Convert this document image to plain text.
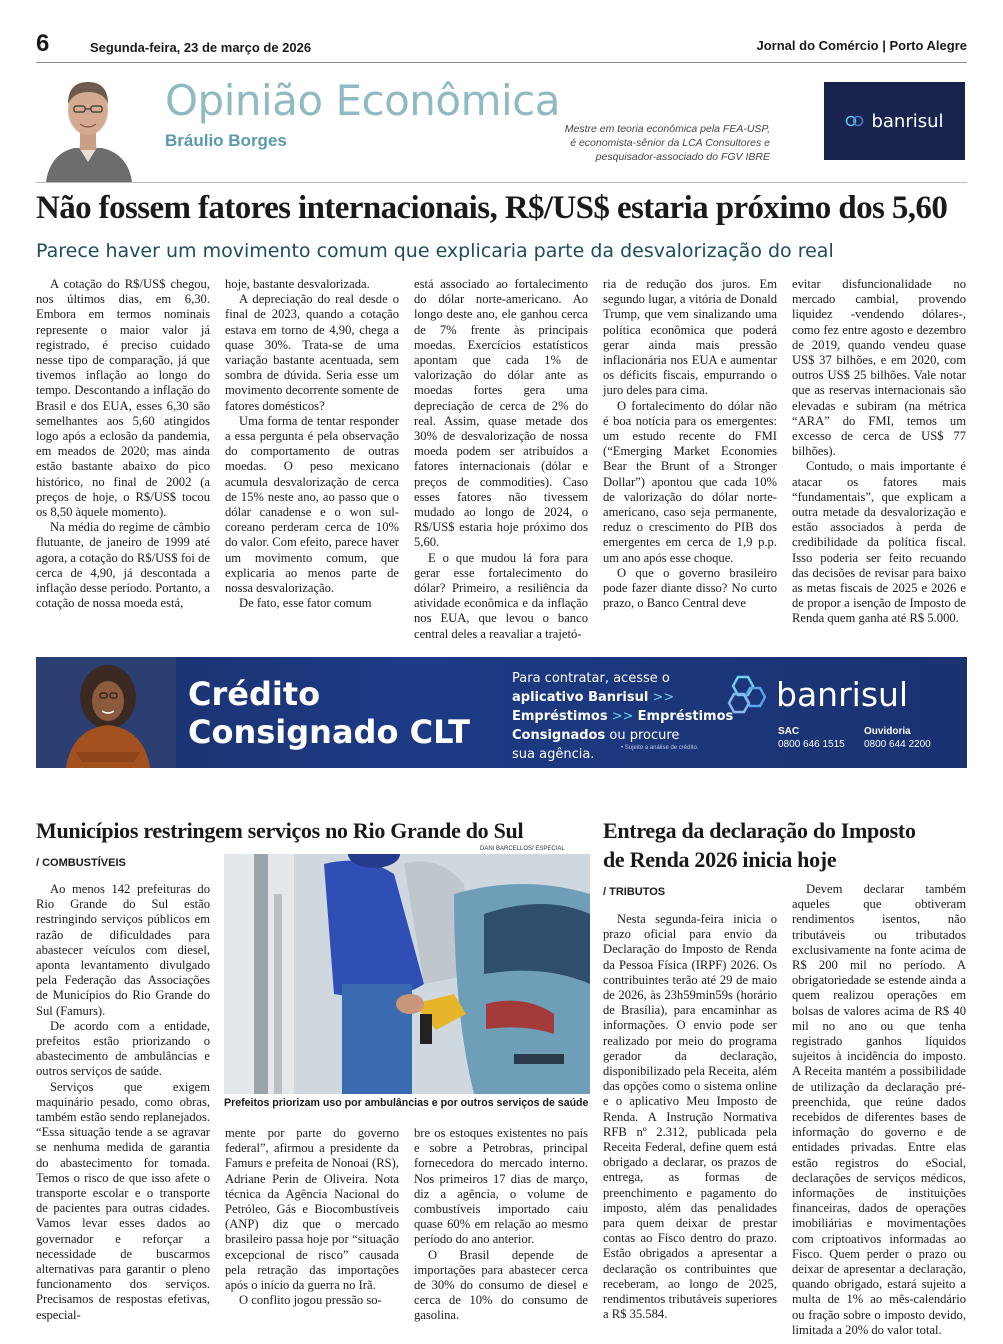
6	Segunda-feira, 23 de março de 2026	Jornal do Comércio | Porto Alegre
Opinião Econômica
Bráulio Borges
Mestre em teoria econômica pela FEA-USP, é economista-sênior da LCA Consultores e pesquisador-associado do FGV IBRE
banrisul
Não fossem fatores internacionais, R$/US$ estaria próximo dos 5,60
Parece haver um movimento comum que explicaria parte da desvalorização do real

A cotação do R$/US$ chegou, nos últimos dias, em 6,30. Embora em termos nominais represente o maior valor já registrado, é preciso cuidado nesse tipo de comparação, já que tivemos inflação ao longo do tempo. Descontando a inflação do Brasil e dos EUA, esses 6,30 são semelhantes aos 5,60 atingidos logo após a eclosão da pandemia, em meados de 2020; mas ainda estão bastante abaixo do pico histórico, no final de 2002 (a preços de hoje, o R$/US$ tocou os 8,50 àquele momento).

Na média do regime de câmbio flutuante, de janeiro de 1999 até agora, a cotação do R$/US$ foi de cerca de 4,90, já descontada a inflação desse período. Portanto, a cotação de nossa moeda está,

hoje, bastante desvalorizada.

A depreciação do real desde o final de 2023, quando a cotação estava em torno de 4,90, chega a quase 30%. Trata-se de uma variação bastante acentuada, sem sombra de dúvida. Seria esse um movimento decorrente somente de fatores domésticos?

Uma forma de tentar responder a essa pergunta é pela observação do comportamento de outras moedas. O peso mexicano acumula desvalorização de cerca de 15% neste ano, ao passo que o dólar canadense e o won sul-coreano perderam cerca de 10% do valor. Com efeito, parece haver um movimento comum, que explicaria ao menos parte de nossa desvalorização.

De fato, esse fator comum

está associado ao fortalecimento do dólar norte-americano. Ao longo deste ano, ele ganhou cerca de 7% frente às principais moedas. Exercícios estatísticos apontam que cada 1% de valorização do dólar ante as moedas fortes gera uma depreciação de cerca de 2% do real. Assim, quase metade dos 30% de desvalorização de nossa moeda podem ser atribuídos a fatores internacionais (dólar e preços de commodities). Caso esses fatores não tivessem mudado ao longo de 2024, o R$/US$ estaria hoje próximo dos 5,60.

E o que mudou lá fora para gerar esse fortalecimento do dólar? Primeiro, a resiliência da atividade econômica e da inflação nos EUA, que levou o banco central deles a reavaliar a trajetó-

ria de redução dos juros. Em segundo lugar, a vitória de Donald Trump, que vem sinalizando uma política econômica que poderá gerar ainda mais pressão inflacionária nos EUA e aumentar os déficits fiscais, empurrando o juro deles para cima.

O fortalecimento do dólar não é boa notícia para os emergentes: um estudo recente do FMI (“Emerging Market Economies Bear the Brunt of a Stronger Dollar”) apontou que cada 10% de valorização do dólar norte-americano, caso seja permanente, reduz o crescimento do PIB dos emergentes em cerca de 1,9 p.p. um ano após esse choque.

O que o governo brasileiro pode fazer diante disso? No curto prazo, o Banco Central deve

evitar disfuncionalidade no mercado cambial, provendo liquidez -vendendo dólares-, como fez entre agosto e dezembro de 2019, quando vendeu quase US$ 37 bilhões, e em 2020, com outros US$ 25 bilhões. Vale notar que as reservas internacionais são elevadas e subiram (na métrica “ARA” do FMI, temos um excesso de cerca de US$ 77 bilhões).

Contudo, o mais importante é atacar os fatores mais “fundamentais”, que explicam a outra metade da desvalorização e estão associados à perda de credibilidade da política fiscal. Isso poderia ser feito recuando das decisões de revisar para baixo as metas fiscais de 2025 e 2026 e de propor a isenção de Imposto de Renda quem ganha até R$ 5.000.

Crédito
Consignado CLT
Para contratar, acesse o
aplicativo Banrisul >>
Empréstimos >> Empréstimos
Consignados ou procure
sua agência.	• Sujeito a análise de crédito.
banrisul
SAC
0800 646 1515
Ouvidoria
0800 644 2200
Municípios restringem serviços no Rio Grande do Sul
/ COMBUSTÍVEIS
DANI BARCELLOS/ ESPECIAL
Prefeitos priorizam uso por ambulâncias e por outros serviços de saúde

Ao menos 142 prefeituras do Rio Grande do Sul estão restringindo serviços públicos em razão de dificuldades para abastecer veículos com diesel, aponta levantamento divulgado pela Federação das Associações de Municípios do Rio Grande do Sul (Famurs).

De acordo com a entidade, prefeitos estão priorizando o abastecimento de ambulâncias e outros serviços de saúde.

Serviços que exigem maquinário pesado, como obras, também estão sendo replanejados. “Essa situação tende a se agravar se nenhuma medida de garantia do abastecimento for tomada. Temos o risco de que isso afete o transporte escolar e o transporte de pacientes para outras cidades. Vamos levar esses dados ao governador e reforçar a necessidade de buscarmos alternativas para garantir o pleno funcionamento dos serviços. Precisamos de respostas efetivas, especial-

mente por parte do governo federal”, afirmou a presidente da Famurs e prefeita de Nonoai (RS), Adriane Perin de Oliveira. Nota técnica da Agência Nacional do Petróleo, Gás e Biocombustíveis (ANP) diz que o mercado brasileiro passa hoje por “situação excepcional de risco” causada pela retração das importações após o início da guerra no Irã.

O conflito jogou pressão so-

bre os estoques existentes no país e sobre a Petrobras, principal fornecedora do mercado interno. Nos primeiros 17 dias de março, diz a agência, o volume de combustíveis importado caiu quase 60% em relação ao mesmo período do ano anterior.

O Brasil depende de importações para abastecer cerca de 30% do consumo de diesel e cerca de 10% do consumo de gasolina.

Entrega da declaração do Imposto
de Renda 2026 inicia hoje
/ TRIBUTOS

Nesta segunda-feira inicia o prazo oficial para envio da Declaração do Imposto de Renda da Pessoa Física (IRPF) 2026. Os contribuintes terão até 29 de maio de 2026, às 23h59min59s (horário de Brasília), para encaminhar as informações. O envio pode ser realizado por meio do programa gerador da declaração, disponibilizado pela Receita, além das opções como o sistema online e o aplicativo Meu Imposto de Renda. A Instrução Normativa RFB nº 2.312, publicada pela Receita Federal, define quem está obrigado a declarar, os prazos de entrega, as formas de preenchimento e pagamento do imposto, além das penalidades para quem deixar de prestar contas ao Fisco dentro do prazo. Estão obrigados a apresentar a declaração os contribuintes que receberam, ao longo de 2025, rendimentos tributáveis superiores a R$ 35.584.

Devem declarar também aqueles que obtiveram rendimentos isentos, não tributáveis ou tributados exclusivamente na fonte acima de R$ 200 mil no período. A obrigatoriedade se estende ainda a quem realizou operações em bolsas de valores acima de R$ 40 mil no ano ou que tenha registrado ganhos líquidos sujeitos à incidência do imposto. A Receita mantém a possibilidade de utilização da declaração pré-preenchida, que reúne dados recebidos de diferentes bases de informação do governo e de entidades privadas. Entre elas estão registros do eSocial, declarações de serviços médicos, informações de instituições financeiras, dados de operações imobiliárias e movimentações com criptoativos informadas ao Fisco. Quem perder o prazo ou deixar de apresentar a declaração, quando obrigado, estará sujeito a multa de 1% ao mês-calendário ou fração sobre o imposto devido, limitada a 20% do valor total.
